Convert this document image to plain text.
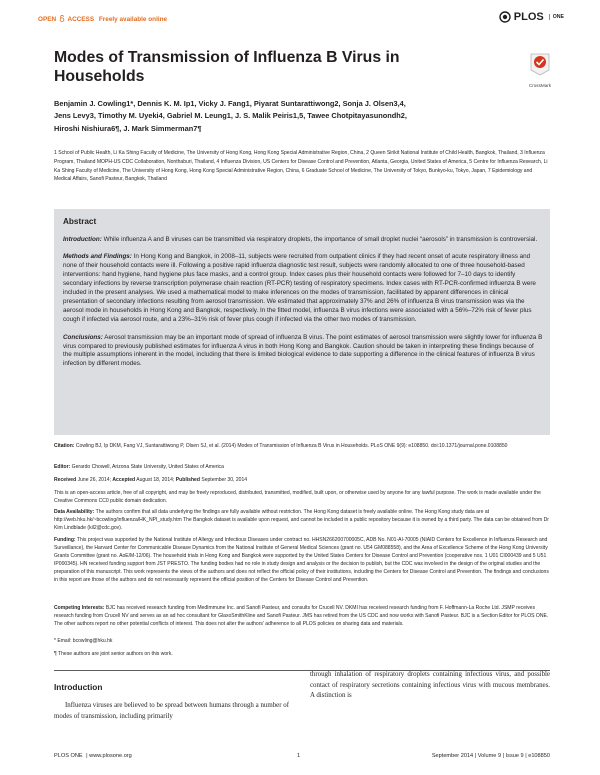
OPEN ACCESS Freely available online	PLOS	ONE
Modes of Transmission of Influenza B Virus in
Households
CrossMark
Benjamin J. Cowling1*, Dennis K. M. Ip1, Vicky J. Fang1, Piyarat Suntarattiwong2, Sonja J. Olsen3,4,
Jens Levy3, Timothy M. Uyeki4, Gabriel M. Leung1, J. S. Malik Peiris1,5, Tawee Chotpitayasunondh2,
Hiroshi Nishiura6¶, J. Mark Simmerman7¶
1 School of Public Health, Li Ka Shing Faculty of Medicine, The University of Hong Kong, Hong Kong Special Administrative Region, China, 2 Queen Sirikit National Institute of Child Health, Bangkok, Thailand, 3 Influenza Program, Thailand MOPH-US CDC Collaboration, Nonthaburi, Thailand, 4 Influenza Division, US Centers for Disease Control and Prevention, Atlanta, Georgia, United States of America, 5 Centre for Influenza Research, Li Ka Shing Faculty of Medicine, The University of Hong Kong, Hong Kong Special Administrative Region, China, 6 Graduate School of Medicine, The University of Tokyo, Bunkyo-ku, Tokyo, Japan, 7 Epidemiology and Medical Affairs, Sanofi Pasteur, Bangkok, Thailand
Abstract

Introduction: While influenza A and B viruses can be transmitted via respiratory droplets, the importance of small droplet nuclei “aerosols” in transmission is controversial.

Methods and Findings: In Hong Kong and Bangkok, in 2008–11, subjects were recruited from outpatient clinics if they had recent onset of acute respiratory illness and none of their household contacts were ill. Following a positive rapid influenza diagnostic test result, subjects were randomly allocated to one of three household-based interventions: hand hygiene, hand hygiene plus face masks, and a control group. Index cases plus their household contacts were followed for 7–10 days to identify secondary infections by reverse transcription polymerase chain reaction (RT-PCR) testing of respiratory specimens. Index cases with RT-PCR-confirmed influenza B were included in the present analyses. We used a mathematical model to make inferences on the modes of transmission, facilitated by apparent differences in clinical presentation of secondary infections resulting from aerosol transmission. We estimated that approximately 37% and 26% of influenza B virus transmission was via the aerosol mode in households in Hong Kong and Bangkok, respectively. In the fitted model, influenza B virus infections were associated with a 56%–72% risk of fever plus cough if infected via aerosol route, and a 23%–31% risk of fever plus cough if infected via the other two modes of transmission.

Conclusions: Aerosol transmission may be an important mode of spread of influenza B virus. The point estimates of aerosol transmission were slightly lower for influenza B virus compared to previously published estimates for influenza A virus in both Hong Kong and Bangkok. Caution should be taken in interpreting these findings because of the multiple assumptions inherent in the model, including that there is limited biological evidence to date supporting a difference in the clinical features of influenza B virus infection by different modes.

Citation: Cowling BJ, Ip DKM, Fang VJ, Suntarattiwong P, Olsen SJ, et al. (2014) Modes of Transmission of Influenza B Virus in Households. PLoS ONE 9(9): e108850. doi:10.1371/journal.pone.0108850
Editor: Gerardo Chowell, Arizona State University, United States of America
Received June 26, 2014; Accepted August 18, 2014; Published September 30, 2014
This is an open-access article, free of all copyright, and may be freely reproduced, distributed, transmitted, modified, built upon, or otherwise used by anyone for any lawful purpose. The work is made available under the Creative Commons CC0 public domain dedication.
Data Availability: The authors confirm that all data underlying the findings are fully available without restriction. The Hong Kong dataset is freely available online. The Hong Kong study data are at http://web.hku.hk/~bcowling/influenza/HK_NPI_study.htm The Bangkok dataset is available upon request, and cannot be included in a public repository because it is owned by a third party. The data can be obtained from Dr Kim Lindblade (kil2@cdc.gov).
Funding: This project was supported by the National Institute of Allergy and Infectious Diseases under contract no. HHSN266200700005C, ADB No. N01-AI-70005 (NIAID Centers for Excellence in Influenza Research and Surveillance), the Harvard Center for Communicable Disease Dynamics from the National Institute of General Medical Sciences (grant no. U54 GM088558), and the Area of Excellence Scheme of the Hong Kong University Grants Committee (grant no. AoE/M-12/06). The household trials in Hong Kong and Bangkok were supported by the United States Centers for Disease Control and Prevention (cooperative nos. 1 U01 CI000439 and 5 U51 IP000345). HN received funding support from JST PRESTO. The funding bodies had no role in study design and analysis or the decision to publish, but the CDC was involved in the design of the original studies and the preparation of this manuscript. This work represents the views of the authors and does not reflect the official policy of their institutions, including the Centers for Disease Control and Prevention. The findings and conclusions in this report are those of the authors and do not necessarily represent the official position of the Centers for Disease Control and Prevention.
Competing Interests: BJC has received research funding from MedImmune Inc. and Sanofi Pasteur, and consults for Crucell NV. DKMI has received research funding from F. Hoffmann-La Roche Ltd. JSMP receives research funding from Crucell NV and serves as an ad hoc consultant for GlaxoSmithKline and Sanofi Pasteur. JMS has retired from the US CDC and now works with Sanofi Pasteur. BJC is a Section Editor for PLOS ONE. The other authors report no other potential conflicts of interest. This does not alter the authors' adherence to all PLOS policies on sharing data and materials.
* Email: bcowling@hku.hk
¶ These authors are joint senior authors on this work.
Introduction
Influenza viruses are believed to be spread between humans through a number of modes of transmission, including primarily
through inhalation of respiratory droplets containing infectious virus, and possible contact of respiratory secretions containing infectious virus with mucous membranes. A distinction is
PLOS ONE | www.plosone.org	1	September 2014 | Volume 9 | Issue 9 | e108850
